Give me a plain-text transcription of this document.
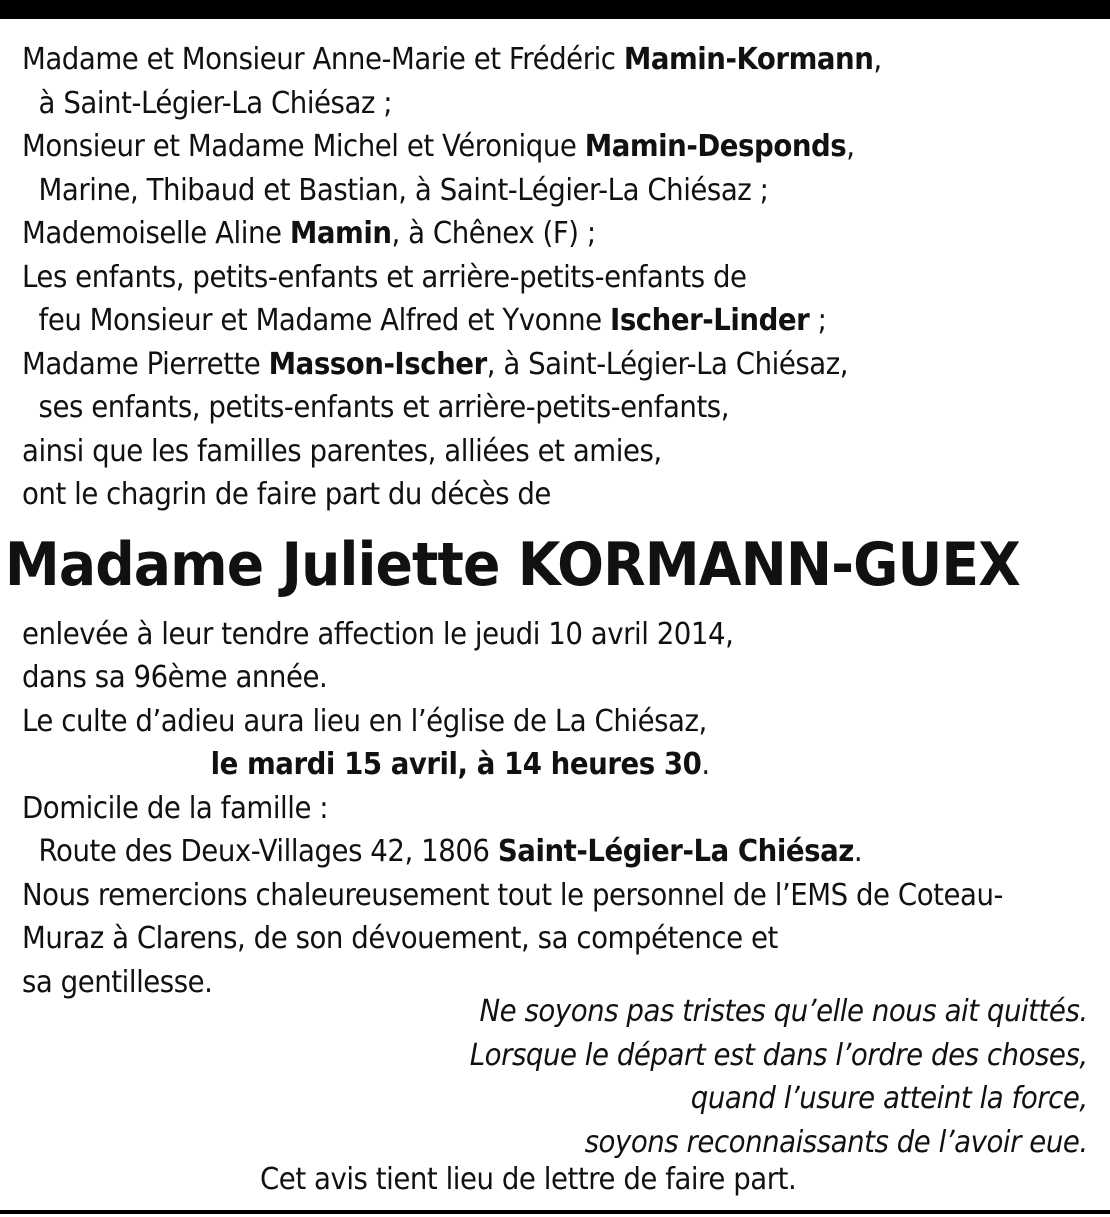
Madame et Monsieur Anne-Marie et Frédéric Mamin-Kormann,
à Saint-Légier-La Chiésaz ;
Monsieur et Madame Michel et Véronique Mamin-Desponds,
Marine, Thibaud et Bastian, à Saint-Légier-La Chiésaz ;
Mademoiselle Aline Mamin, à Chênex (F) ;
Les enfants, petits-enfants et arrière-petits-enfants de
feu Monsieur et Madame Alfred et Yvonne Ischer-Linder ;
Madame Pierrette Masson-Ischer, à Saint-Légier-La Chiésaz,
ses enfants, petits-enfants et arrière-petits-enfants,
ainsi que les familles parentes, alliées et amies,
ont le chagrin de faire part du décès de
Madame Juliette KORMANN-GUEX
enlevée à leur tendre affection le jeudi 10 avril 2014,
dans sa 96ème année.
Le culte d’adieu aura lieu en l’église de La Chiésaz,
le mardi 15 avril, à 14 heures 30.
Domicile de la famille :
Route des Deux-Villages 42, 1806 Saint-Légier-La Chiésaz.
Nous remercions chaleureusement tout le personnel de l’EMS de Coteau-
Muraz à Clarens, de son dévouement, sa compétence et
sa gentillesse.
Ne soyons pas tristes qu’elle nous ait quittés.
Lorsque le départ est dans l’ordre des choses,
quand l’usure atteint la force,
soyons reconnaissants de l’avoir eue.
Cet avis tient lieu de lettre de faire part.
